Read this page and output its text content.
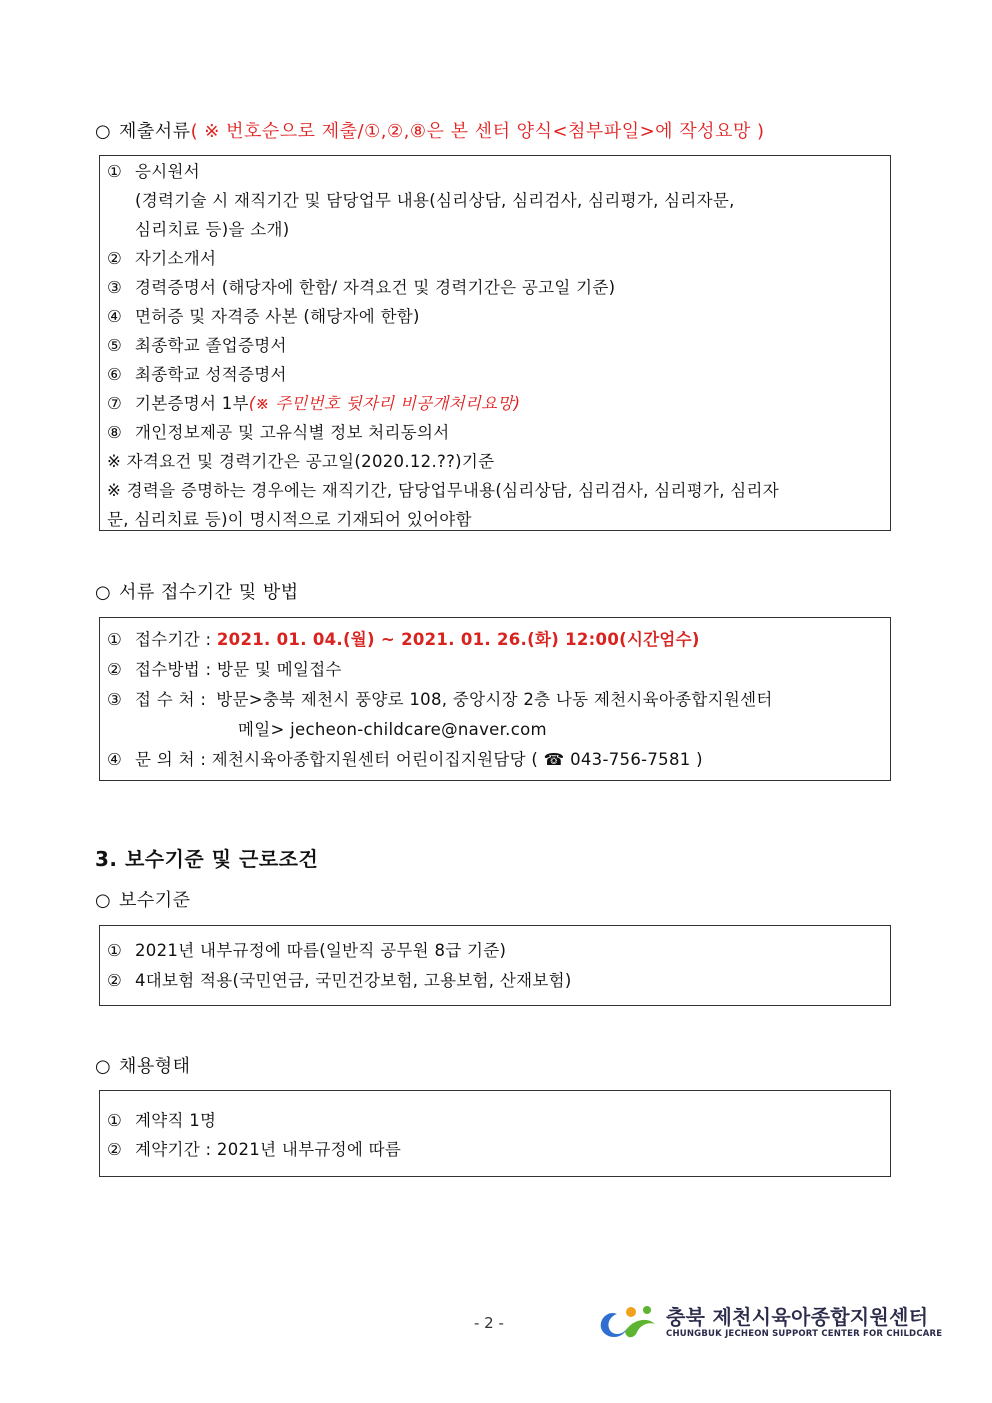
○ 제출서류( ※ 번호순으로 제출/①,②,⑧은 본 센터 양식<첨부파일>에 작성요망 )
① 응시원서
(경력기술 시 재직기간 및 담당업무 내용(심리상담, 심리검사, 심리평가, 심리자문,
심리치료 등)을 소개)
② 자기소개서
③ 경력증명서 (해당자에 한함/ 자격요건 및 경력기간은 공고일 기준)
④ 면허증 및 자격증 사본 (해당자에 한함)
⑤ 최종학교 졸업증명서
⑥ 최종학교 성적증명서
⑦ 기본증명서 1부(※ 주민번호 뒷자리 비공개처리요망)
⑧ 개인정보제공 및 고유식별 정보 처리동의서
※ 자격요건 및 경력기간은 공고일(2020.12.??)기준
※ 경력을 증명하는 경우에는 재직기간, 담당업무내용(심리상담, 심리검사, 심리평가, 심리자
문, 심리치료 등)이 명시적으로 기재되어 있어야함
○ 서류 접수기간 및 방법
① 접수기간 : 2021. 01. 04.(월) ~ 2021. 01. 26.(화) 12:00(시간엄수)
② 접수방법 : 방문 및 메일접수
③ 접 수 처 : 방문>충북 제천시 풍양로 108, 중앙시장 2층 나동 제천시육아종합지원센터
메일> jecheon-childcare@naver.com
④ 문 의 처 : 제천시육아종합지원센터 어린이집지원담당 ( ☎ 043-756-7581 )
3. 보수기준 및 근로조건
○ 보수기준
① 2021년 내부규정에 따름(일반직 공무원 8급 기준)
② 4대보험 적용(국민연금, 국민건강보험, 고용보험, 산재보험)
○ 채용형태
① 계약직 1명
② 계약기간 : 2021년 내부규정에 따름
- 2 -	충북 제천시육아종합지원센터
CHUNGBUK JECHEON SUPPORT CENTER FOR CHILDCARE
